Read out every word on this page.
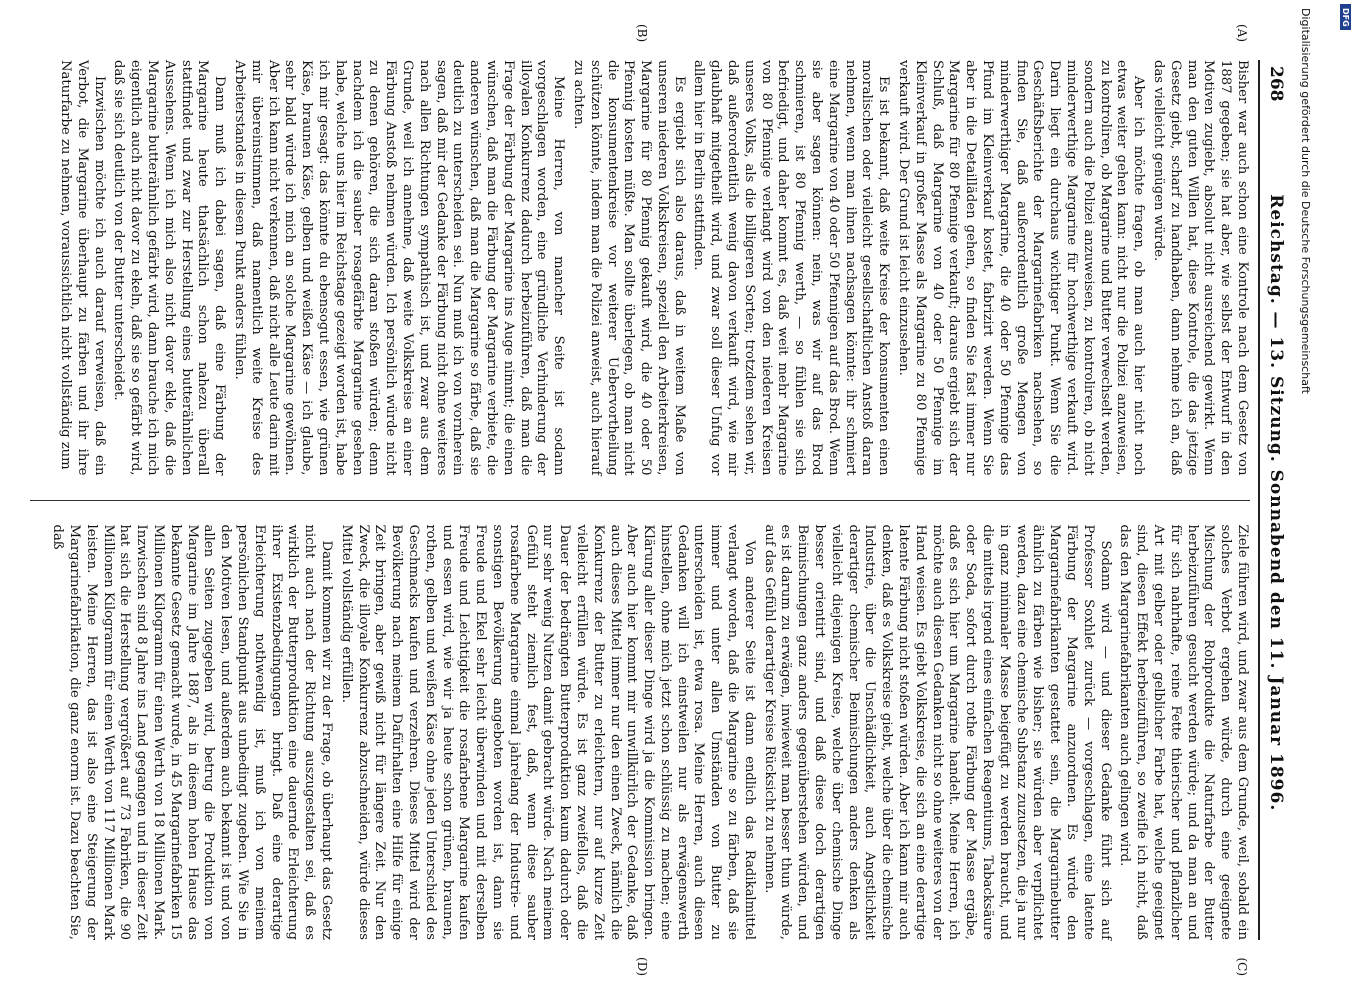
268
Reichstag. — 13. Sitzung. Sonnabend den 11. Januar 1896.
(A)
(B)

Bisher war auch schon eine Kontrole nach dem Gesetz von 1887 gegeben; sie hat aber, wie selbst der Entwurf in den Motiven zugiebt, absolut nicht ausreichend gewirkt. Wenn man den guten Willen hat, diese Kontrole, die das jetzige Gesetz giebt, scharf zu handhaben, dann nehme ich an, daß das vielleicht genügen würde.

Aber ich möchte fragen, ob man auch hier nicht noch etwas weiter gehen kann: nicht nur die Polizei anzuweisen, zu kontroliren, ob Margarine und Butter verwechselt werden, sondern auch die Polizei anzuweisen, zu kontroliren, ob nicht minderwerthige Margarine für hochwerthige verkauft wird. Darin liegt ein durchaus wichtiger Punkt. Wenn Sie die Geschäftsberichte der Margarinefabriken nachsehen, so finden Sie, daß außerordentlich große Mengen von minderwerthiger Margarine, die 40 oder 50 Pfennige das Pfund im Kleinverkauf kostet, fabrizirt werden. Wenn Sie aber in die Detailläden gehen, so finden Sie fast immer nur Margarine für 80 Pfennige verkauft; daraus ergiebt sich der Schluß, daß Margarine von 40 oder 50 Pfennige im Kleinverkauf in großer Masse als Margarine zu 80 Pfennige verkauft wird. Der Grund ist leicht einzusehen.

Es ist bekannt, daß weite Kreise der konsumenten einen moralischen oder vielleicht gesellschaftlichen Anstoß daran nehmen, wenn man ihnen nachsagen könnte: ihr schmiert eine Margarine von 40 oder 50 Pfennigen auf das Brod. Wenn sie aber sagen können: nein, was wir auf das Brod schmieren, ist 80 Pfennig werth, — so fühlen sie sich befriedigt, und daher kommt es, daß weit mehr Margarine von 80 Pfennige verlangt wird von den niederen Kreisen unseres Volks, als die billigeren Sorten; trotzdem sehen wir, daß außerordentlich wenig davon verkauft wird, wie mir glaubhaft mitgetheilt wird, und zwar soll dieser Unfug vor allem hier in Berlin stattfinden.

Es ergiebt sich also daraus, daß in weitem Maße von unseren niederen Volkskreisen, speziell den Arbeiterkreisen, Margarine für 80 Pfennig gekauft wird, die 40 oder 50 Pfennig kosten müßte. Man sollte überlegen, ob man nicht die konsumentenkreise vor weiterer Uebervortheilung schützen könnte, indem man die Polizei anweist, auch hierauf zu achten.

Meine Herren, von mancher Seite ist sodann vorgeschlagen worden, eine gründliche Verhinderung der illoyalen Konkurrenz dadurch herbeizuführen, daß man die Frage der Färbung der Margarine ins Auge nimmt; die einen wünschen, daß man die Färbung der Margarine verbiete, die anderen wünschen, daß man die Margarine so färbe, daß sie deutlich zu unterscheiden sei. Nun muß ich von vornherein sagen, daß mir der Gedanke der Färbung nicht ohne weiteres nach allen Richtungen sympathisch ist, und zwar aus dem Grunde, weil ich annehme, daß weite Volkskreise an einer Färbung Anstoß nehmen würden. Ich persönlich würde nicht zu denen gehören, die sich daran stoßen würden; denn nachdem ich die sauber rosagefärbte Margarine gesehen habe, welche uns hier im Reichstage gezeigt worden ist, habe ich mir gesagt: das könnte du ebensogut essen, wie grünen Käse, braunen Käse, gelben und weißen Käse — ich glaube, sehr bald würde ich mich an solche Margarine gewöhnen. Aber ich kann nicht verkennen, daß nicht alle Leute darin mit mir übereinstimmen, daß namentlich weite Kreise des Arbeiterstandes in diesem Punkt anders fühlen.

Dann muß ich dabei sagen, daß eine Färbung der Margarine heute thatsächlich schon nahezu überall stattfindet und zwar zur Herstellung eines butterähnlichen Aussehens. Wenn ich mich also nicht davor ekle, daß die Margarine butterähnlich gefärbt wird, dann brauche ich mich eigentlich auch nicht davor zu ekeln, daß sie so gefärbt wird, daß sie sich deutlich von der Butter unterscheidet.

Inzwischen möchte ich auch darauf verweisen, daß ein Verbot, die Margarine überhaupt zu färben und ihr ihre Naturfarbe zu nehmen, voraussichtlich nicht vollständig zum

(C)
(D)

Ziele führen wird, und zwar aus dem Grunde, weil, sobald ein solches Verbot ergehen würde, durch eine geeignete Mischung der Rohprodukte die Naturfarbe der Butter herbeizuführen gesucht werden würde; und da man an und für sich nahrhafte, reine Fette thierischer und pflanzlicher Art mit gelber oder gelblicher Farbe hat, welche geeignet sind, diesen Effekt herbeizuführen, so zweifle ich nicht, daß das den Margarinefabrikanten auch gelingen wird.

Sodann wird — und dieser Gedanke führt sich auf Professor Soxhlet zurück — vorgeschlagen, eine latente Färbung der Margarine anzuordnen. Es würde den Margarinefabrikanten gestattet sein, die Margarinebutter ähnlich zu färben wie bisher; sie würden aber verpflichtet werden, dazu eine chemische Substanz zuzusetzen, die ja nur in ganz minimaler Masse beigefügt zu werden braucht, und die mittels irgend eines einfachen Reagentiums, Tabacksäure oder Soda, sofort durch rothe Färbung der Masse ergäbe, daß es sich hier um Margarine handelt. Meine Herren, ich möchte auch diesen Gedanken nicht so ohne weiteres von der Hand weisen. Es giebt Volkskreise, die sich an eine derartige latente Färbung nicht stoßen würden. Aber ich kann mir auch denken, daß es Volkskreise giebt, welche über die chemische Industrie, über die Unschädlichkeit, auch Angstlichkeit derartiger chemischer Beimischungen anders denken als vielleicht diejenigen Kreise, welche über chemische Dinge besser orientirt sind, und daß diese doch derartigen Beimischungen ganz anders gegenüberstehen würden, und es ist darum zu erwägen, inwieweit man besser thun würde, auf das Gefühl derartiger Kreise Rücksicht zu nehmen.

Von anderer Seite ist dann endlich das Radikalmittel verlangt worden, daß die Margarine so zu färben, daß sie immer und unter allen Umständen von Butter zu unterscheiden ist, etwa rosa. Meine Herren, auch diesen Gedanken will ich einstweilen nur als erwägenswerth hinstellen, ohne mich jetzt schon schlüssig zu machen; eine Klärung aller dieser Dinge wird ja die Kommission bringen. Aber auch hier kommt mir unwillkürlich der Gedanke, daß auch dieses Mittel immer nur den einen Zweck, nämlich die Konkurrenz der Butter zu erleichtern, nur auf kurze Zeit vielleicht erfüllen würde. Es ist ganz zweifellos, daß die Dauer der bedrängten Butterproduktion kaum dadurch oder nur sehr wenig Nutzen damit gebracht würde. Nach meinem Gefühl steht ziemlich fest, daß, wenn diese sauber rosafarbene Margarine einmal jahrelang der Industrie- und sonstigen Bevölkerung angeboten worden ist, dann sie Freude und Ekel sehr leicht überwinden und mit derselben Freude und Leichtigkeit die rosafarbene Margarine kaufen und essen wird, wie wir ja heute schon grünen, braunen, rothen, gelben und weißen Käse ohne jeden Unterschied des Geschmacks kaufen und verzehren. Dieses Mittel wird der Bevölkerung nach meinem Dafürhalten eine Hilfe für einige Zeit bringen, aber gewiß nicht für längere Zeit. Nur den Zweck, die illoyale Konkurrenz abzuschneiden, würde dieses Mittel vollständig erfüllen.

Damit kommen wir zu der Frage, ob überhaupt das Gesetz nicht auch nach der Richtung auszugestalten sei, daß es wirklich der Butterproduktion eine dauernde Erleichterung ihrer Existenzbedingungen bringt. Daß eine derartige Erleichterung nothwendig ist, muß ich von meinem persönlichen Standpunkt aus unbedingt zugeben. Wie Sie in den Motiven lesen, und außerdem auch bekannt ist und von allen Seiten zugegeben wird, betrug die Produktion von Margarine im Jahre 1887, als in diesem hohen Hause das bekannte Gesetz gemacht wurde, in 45 Margarinefabriken 15 Millionen Kilogramm für einen Werth von 18 Millionen Mark. Inzwischen sind 8 Jahre ins Land gegangen und in dieser Zeit hat sich die Herstellung vergrößert auf 73 Fabriken, die 90 Millionen Kilogramm für einen Werth von 117 Millionen Mark leisten. Meine Herren, das ist also eine Steigerung der Margarinefabrikation, die ganz enorm ist. Dazu beachten Sie, daß

Digitalisierung gefördert durch die Deutsche Forschungsgemeinschaft	DFG
